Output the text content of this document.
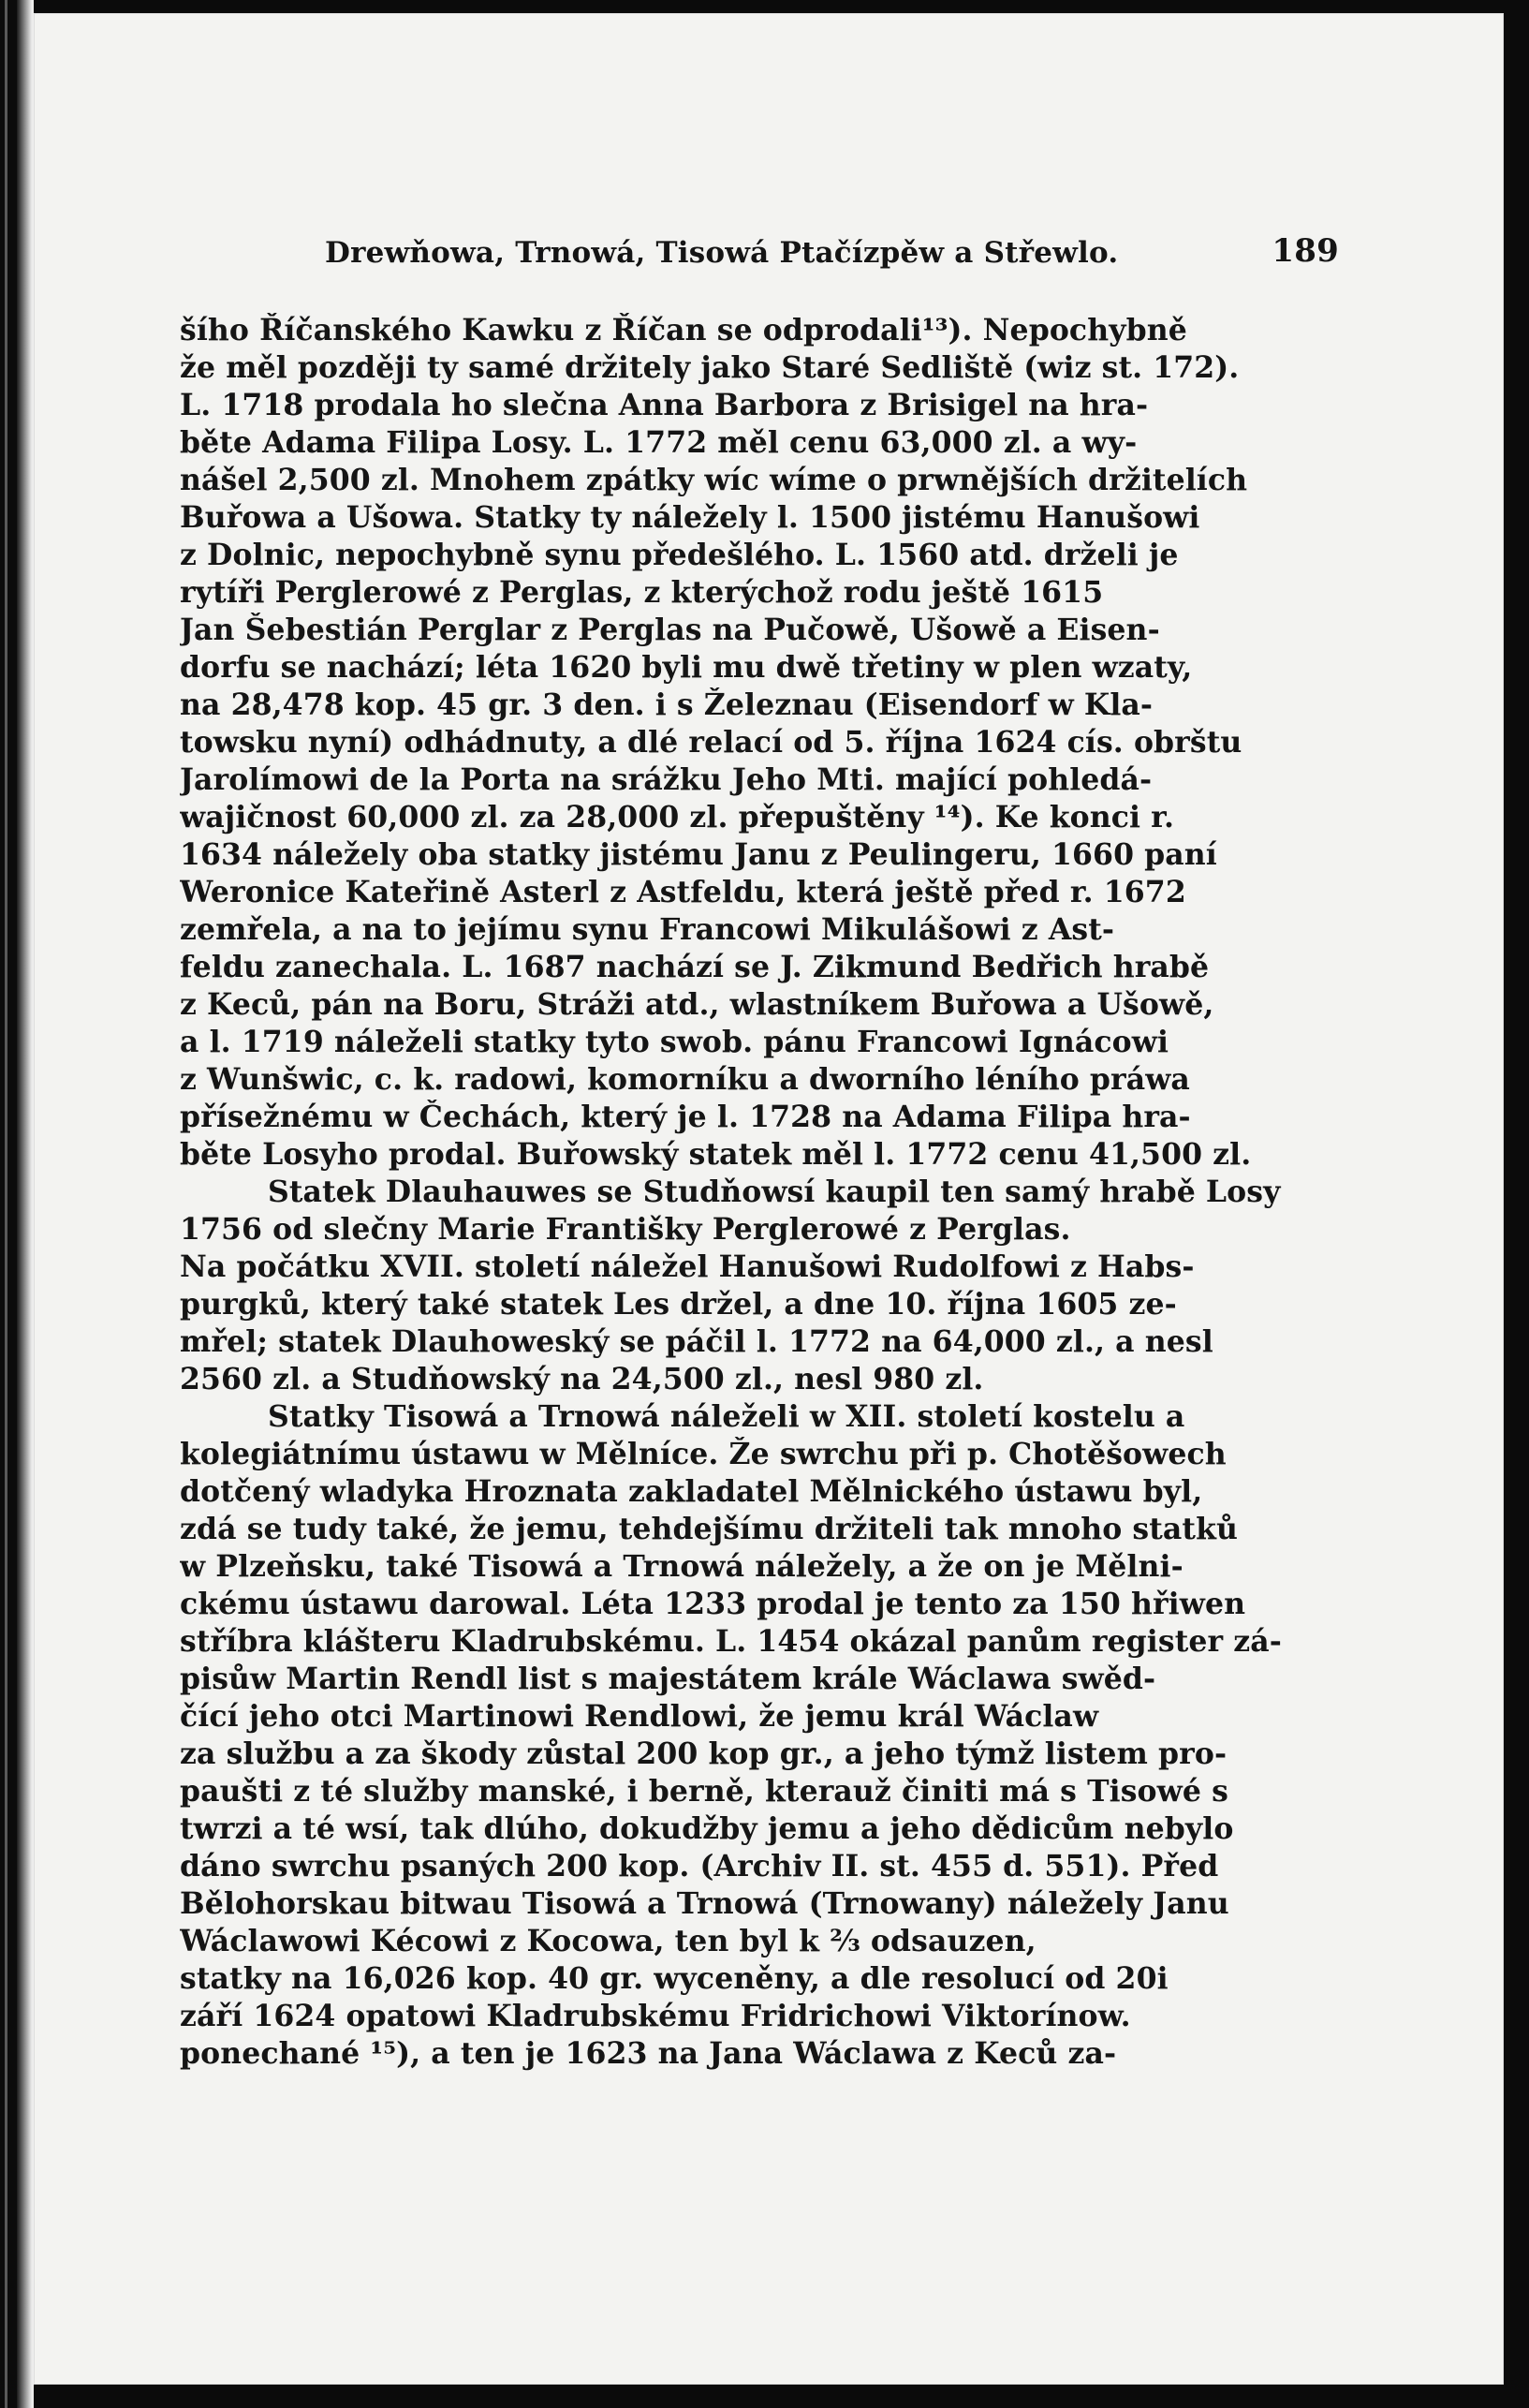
Drewňowa, Trnowá, Tisowá Ptačízpěw a Střewlo.	189
šího Říčanského Kawku z Říčan se odprodali¹³). Nepochybně
že měl později ty samé držitely jako Staré Sedliště (wiz st. 172).
L. 1718 prodala ho slečna Anna Barbora z Brisigel na hra-
běte Adama Filipa Losy. L. 1772 měl cenu 63,000 zl. a wy-
nášel 2,500 zl. Mnohem zpátky wíc wíme o prwnějších držitelích
Buřowa a Ušowa. Statky ty náležely l. 1500 jistému Hanušowi
z Dolnic, nepochybně synu předešlého. L. 1560 atd. drželi je
rytíři Perglerowé z Perglas, z kterýchož rodu ještě 1615
Jan Šebestián Perglar z Perglas na Pučowě, Ušowě a Eisen-
dorfu se nachází; léta 1620 byli mu dwě třetiny w plen wzaty,
na 28,478 kop. 45 gr. 3 den. i s Železnau (Eisendorf w Kla-
towsku nyní) odhádnuty, a dlé relací od 5. října 1624 cís. obrštu
Jarolímowi de la Porta na srážku Jeho Mti. mající pohledá-
wajičnost 60,000 zl. za 28,000 zl. přepuštěny ¹⁴). Ke konci r.
1634 náležely oba statky jistému Janu z Peulingeru, 1660 paní
Weronice Kateřině Asterl z Astfeldu, která ještě před r. 1672
zemřela, a na to jejímu synu Francowi Mikulášowi z Ast-
feldu zanechala. L. 1687 nachází se J. Zikmund Bedřich hrabě
z Keců, pán na Boru, Stráži atd., wlastníkem Buřowa a Ušowě,
a l. 1719 náleželi statky tyto swob. pánu Francowi Ignácowi
z Wunšwic, c. k. radowi, komorníku a dworního léního práwa
přísežnému w Čechách, který je l. 1728 na Adama Filipa hra-
běte Losyho prodal. Buřowský statek měl l. 1772 cenu 41,500 zl.
Statek Dlauhauwes se Studňowsí kaupil ten samý hrabě Losy
1756 od slečny Marie Františky Perglerowé z Perglas.
Na počátku XVII. století náležel Hanušowi Rudolfowi z Habs-
purgků, který také statek Les držel, a dne 10. října 1605 ze-
mřel; statek Dlauhoweský se páčil l. 1772 na 64,000 zl., a nesl
2560 zl. a Studňowský na 24,500 zl., nesl 980 zl.
Statky Tisowá a Trnowá náleželi w XII. století kostelu a
kolegiátnímu ústawu w Mělníce. Že swrchu při p. Chotěšowech
dotčený wladyka Hroznata zakladatel Mělnického ústawu byl,
zdá se tudy také, že jemu, tehdejšímu držiteli tak mnoho statků
w Plzeňsku, také Tisowá a Trnowá náležely, a že on je Mělni-
ckému ústawu darowal. Léta 1233 prodal je tento za 150 hřiwen
stříbra klášteru Kladrubskému. L. 1454 okázal panům register zá-
pisůw Martin Rendl list s majestátem krále Wáclawa swěd-
čící jeho otci Martinowi Rendlowi, že jemu král Wáclaw
za službu a za škody zůstal 200 kop gr., a jeho týmž listem pro-
paušti z té služby manské, i berně, kterauž činiti má s Tisowé s
twrzi a té wsí, tak dlúho, dokudžby jemu a jeho dědicům nebylo
dáno swrchu psaných 200 kop. (Archiv II. st. 455 d. 551). Před
Bělohorskau bitwau Tisowá a Trnowá (Trnowany) náležely Janu
Wáclawowi Kécowi z Kocowa, ten byl k ⅔ odsauzen,
statky na 16,026 kop. 40 gr. wyceněny, a dle resolucí od 20i
září 1624 opatowi Kladrubskému Fridrichowi Viktorínow.
ponechané ¹⁵), a ten je 1623 na Jana Wáclawa z Keců za-
